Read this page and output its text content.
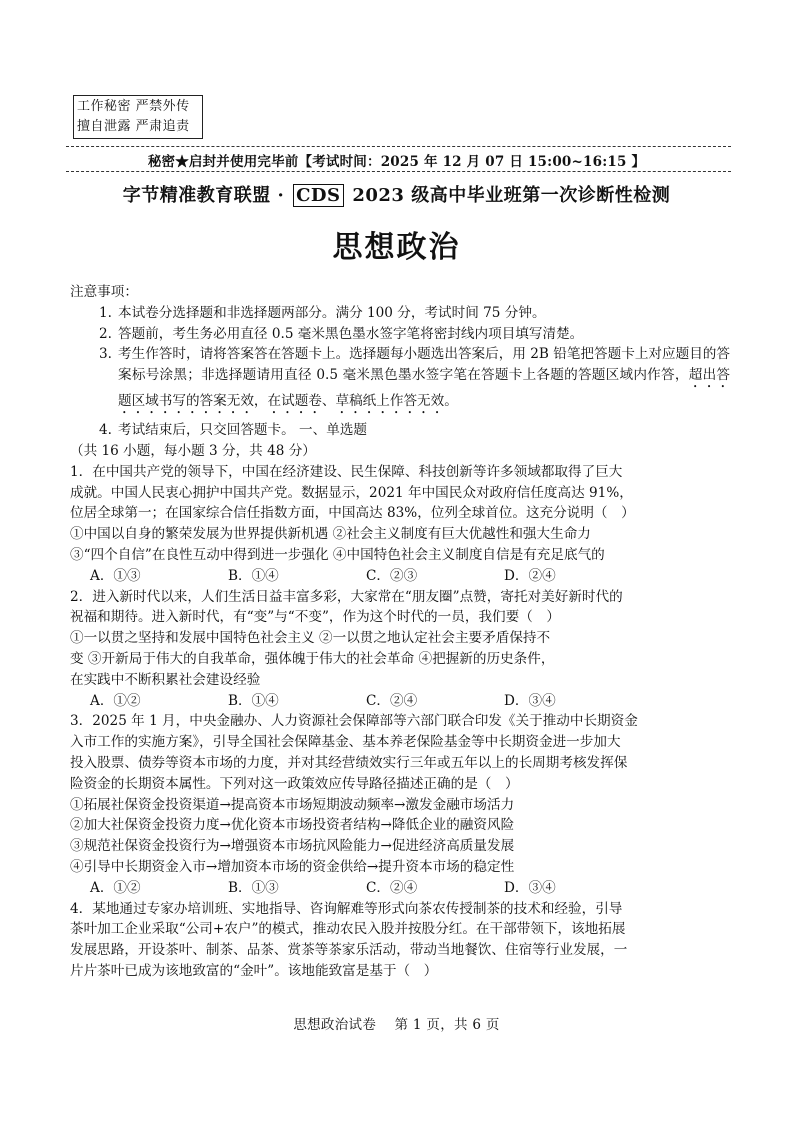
工作秘密 严禁外传
擅自泄露 严肃追责
秘密★启封并使用完毕前【考试时间：2025 年 12 月 07 日 15:00~16:15 】
字节精准教育联盟 · CDS 2023 级高中毕业班第一次诊断性检测
思想政治
注意事项：
1. 本试卷分选择题和非选择题两部分。满分 100 分，考试时间 75 分钟。
2. 答题前，考生务必用直径 0.5 毫米黑色墨水签字笔将密封线内项目填写清楚。
3. 考生作答时，请将答案答在答题卡上。选择题每小题选出答案后，用 2B 铅笔把答题卡上对应题目的答案标号涂黑；非选择题请用直径 0.5 毫米黑色墨水签字笔在答题卡上各题的答题区域内作答，超出答题区域书写的答案无效，在试题卷、草稿纸上作答无效。
4. 考试结束后，只交回答题卡。 一、单选题
（共 16 小题，每小题 3 分，共 48 分）
1．在中国共产党的领导下，中国在经济建设、民生保障、科技创新等许多领域都取得了巨大
成就。中国人民衷心拥护中国共产党。数据显示，2021 年中国民众对政府信任度高达 91%，
位居全球第一；在国家综合信任指数方面，中国高达 83%，位列全球首位。这充分说明（　）
①中国以自身的繁荣发展为世界提供新机遇 ②社会主义制度有巨大优越性和强大生命力
③“四个自信”在良性互动中得到进一步强化 ④中国特色社会主义制度自信是有充足底气的
A．①③	B．①④	C．②③	D．②④
2．进入新时代以来，人们生活日益丰富多彩，大家常在“朋友圈”点赞，寄托对美好新时代的
祝福和期待。进入新时代，有“变”与“不变”，作为这个时代的一员，我们要（　）
①一以贯之坚持和发展中国特色社会主义 ②一以贯之地认定社会主要矛盾保持不
变 ③开新局于伟大的自我革命，强体魄于伟大的社会革命 ④把握新的历史条件，
在实践中不断积累社会建设经验
A．①②	B．①④	C．②④	D．③④
3．2025 年 1 月，中央金融办、人力资源社会保障部等六部门联合印发《关于推动中长期资金
入市工作的实施方案》，引导全国社会保障基金、基本养老保险基金等中长期资金进一步加大
投入股票、债券等资本市场的力度，并对其经营绩效实行三年或五年以上的长周期考核发挥保
险资金的长期资本属性。下列对这一政策效应传导路径描述正确的是（　）
①拓展社保资金投资渠道→提高资本市场短期波动频率→激发金融市场活力
②加大社保资金投资力度→优化资本市场投资者结构→降低企业的融资风险
③规范社保资金投资行为→增强资本市场抗风险能力→促进经济高质量发展
④引导中长期资金入市→增加资本市场的资金供给→提升资本市场的稳定性
A．①②	B．①③	C．②④	D．③④
4．某地通过专家办培训班、实地指导、咨询解难等形式向茶农传授制茶的技术和经验，引导
茶叶加工企业采取“公司+农户”的模式，推动农民入股并按股分红。在干部带领下，该地拓展
发展思路，开设茶叶、制茶、品茶、赏茶等茶家乐活动，带动当地餐饮、住宿等行业发展，一
片片茶叶已成为该地致富的“金叶”。该地能致富是基于（　）
思想政治试卷　 第 1 页，共 6 页
